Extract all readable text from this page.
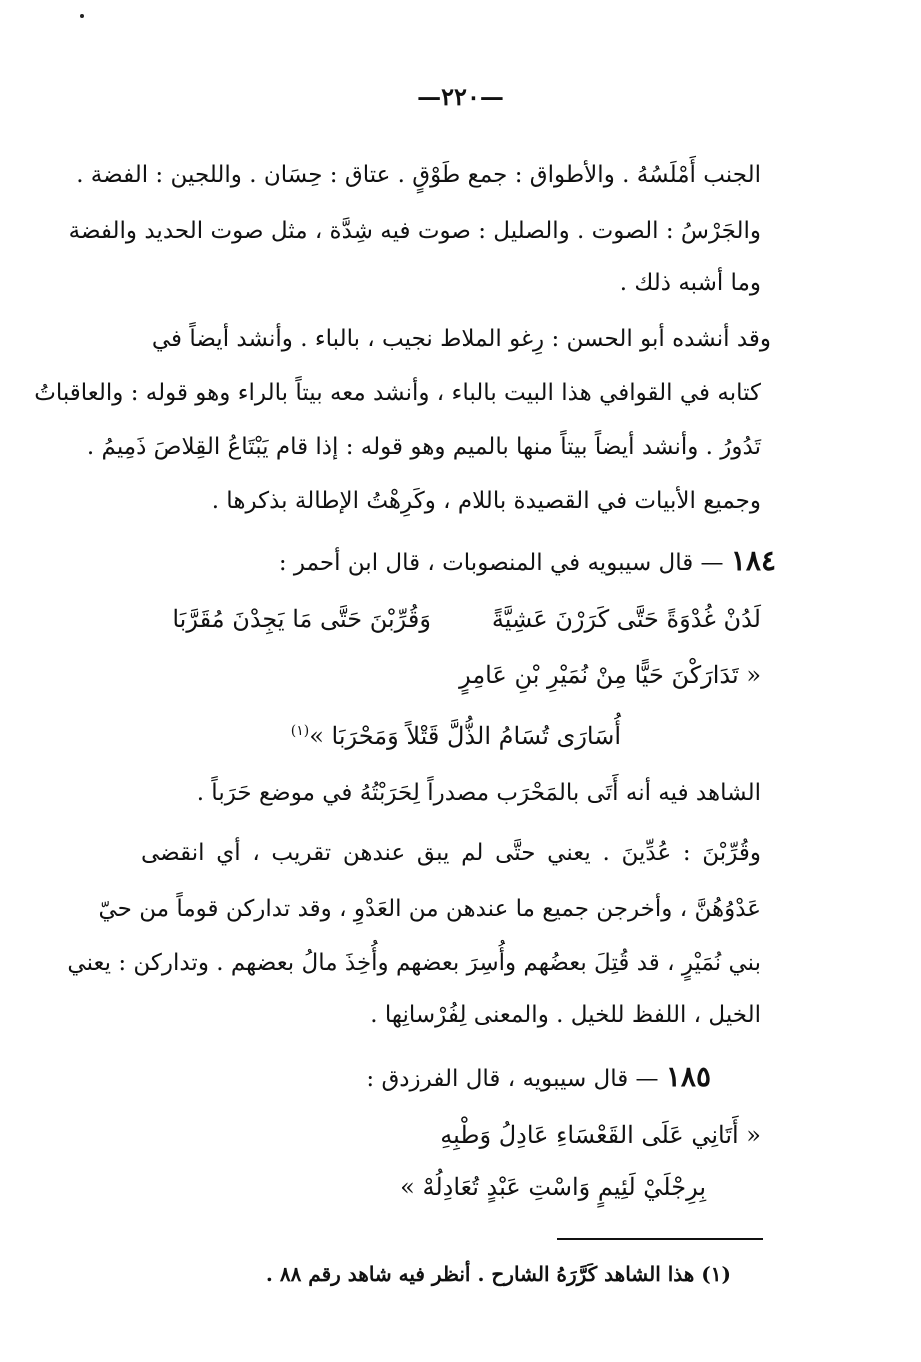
—٢٢٠—
الجنب أَمْلَسُهُ . والأطواق : جمع طَوْقٍ . عتاق : حِسَان . واللجين : الفضة .
والجَرْسُ : الصوت . والصليل : صوت فيه شِدَّة ، مثل صوت الحديد والفضة
وما أشبه ذلك .
وقد أنشده أبو الحسن : رِغو الملاط نجيب ، بالباء . وأنشد أيضاً في
كتابه في القوافي هذا البيت بالباء ، وأنشد معه بيتاً بالراء وهو قوله : والعاقباتُ
تَدُورُ . وأنشد أيضاً بيتاً منها بالميم وهو قوله : إذا قام يَبْتَاعُ القِلاصَ ذَمِيمُ .
وجميع الأبيات في القصيدة باللام ، وكَرِهْتُ الإطالة بذكرها .
١٨٤ — قال سيبويه في المنصوبات ، قال ابن أحمر :
لَدُنْ غُدْوَةً حَتَّى كَرَرْنَ عَشِيَّةً
وَقُرِّبْنَ حَتَّى مَا يَجِدْنَ مُقَرَّبَا
« تَدَارَكْنَ حَيًّا مِنْ نُمَيْرِ بْنِ عَامِرٍ
أُسَارَى تُسَامُ الذُّلَّ قَتْلاً وَمَحْرَبَا »$^{(١)}$
الشاهد فيه أنه أَتَى بالمَحْرَب مصدراً لِحَرَبْتُهُ في موضع حَرَباً .
وقُرِّبْنَ : عُدِّينَ . يعني حتَّى لم يبق عندهن تقريب ، أي انقضى
عَدْوُهُنَّ ، وأخرجن جميع ما عندهن من العَدْوِ ، وقد تداركن قوماً من حيّ
بني نُمَيْرٍ ، قد قُتِلَ بعضُهم وأُسِرَ بعضهم وأُخِذَ مالُ بعضهم . وتداركن : يعني
الخيل ، اللفظ للخيل . والمعنى لِفُرْسانِها .
١٨٥ — قال سيبويه ، قال الفرزدق :
« أَتَانِي عَلَى القَعْسَاءِ عَادِلُ وَطْبِهِ
بِرِجْلَيْ لَئِيمٍ وَاسْتِ عَبْدٍ تُعَادِلُهْ »
(١) هذا الشاهد كَرَّرَهُ الشارح . أنظر فيه شاهد رقم ٨٨ .
